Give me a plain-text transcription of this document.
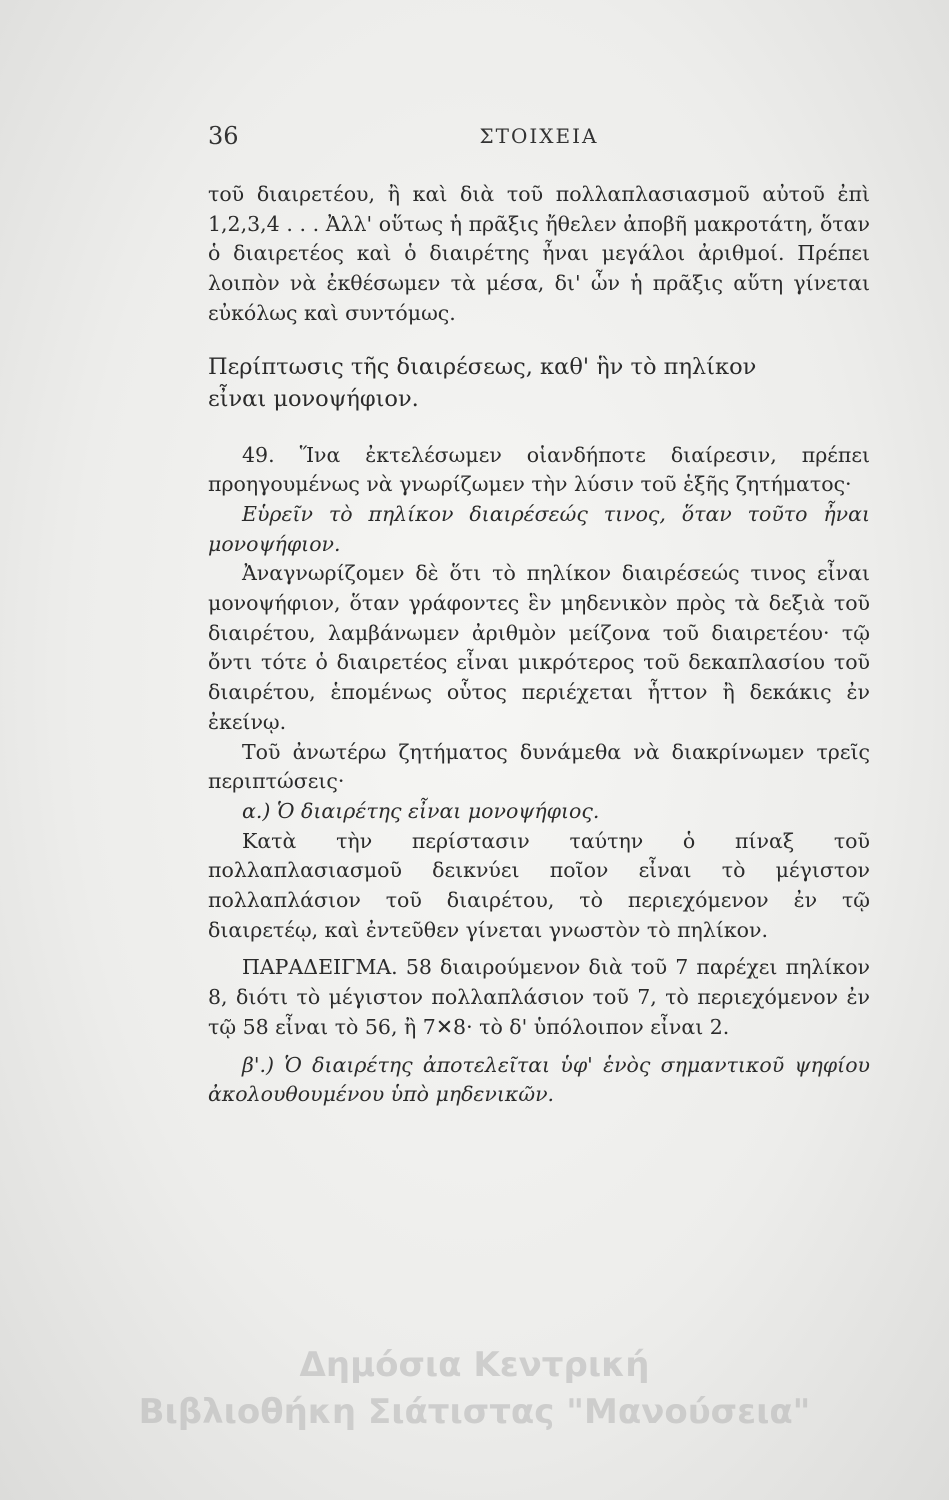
36	ΣΤΟΙΧΕΙΑ

τοῦ διαιρετέου, ἢ καὶ διὰ τοῦ πολλαπλασιασμοῦ αὐτοῦ ἐπὶ 1,2,3,4 . . . Ἀλλ' οὕτως ἡ πρᾶξις ἤθελεν ἀποβῆ μακροτάτη, ὅταν ὁ διαιρετέος καὶ ὁ διαιρέτης ἦναι μεγάλοι ἀριθμοί. Πρέπει λοιπὸν νὰ ἐκθέσωμεν τὰ μέσα, δι' ὧν ἡ πρᾶξις αὕτη γίνεται εὐκόλως καὶ συντόμως.

Περίπτωσις τῆς διαιρέσεως, καθ' ἣν τὸ πηλίκον
εἶναι μονοψήφιον.

49. Ἵνα ἐκτελέσωμεν οἱανδήποτε διαίρεσιν, πρέπει προηγουμένως νὰ γνωρίζωμεν τὴν λύσιν τοῦ ἑξῆς ζητήματος·

Εὑρεῖν τὸ πηλίκον διαιρέσεώς τινος, ὅταν τοῦτο ἦναι μονοψήφιον.

Ἀναγνωρίζομεν δὲ ὅτι τὸ πηλίκον διαιρέσεώς τινος εἶναι μονοψήφιον, ὅταν γράφοντες ἓν μηδενικὸν πρὸς τὰ δεξιὰ τοῦ διαιρέτου, λαμβάνωμεν ἀριθμὸν μείζονα τοῦ διαιρετέου· τῷ ὄντι τότε ὁ διαιρετέος εἶναι μικρότερος τοῦ δεκαπλασίου τοῦ διαιρέτου, ἑπομένως οὗτος περιέχεται ἧττον ἢ δεκάκις ἐν ἐκείνῳ.

Τοῦ ἀνωτέρω ζητήματος δυνάμεθα νὰ διακρίνωμεν τρεῖς περιπτώσεις·

α.) Ὁ διαιρέτης εἶναι μονοψήφιος.

Κατὰ τὴν περίστασιν ταύτην ὁ πίναξ τοῦ πολλαπλασιασμοῦ δεικνύει ποῖον εἶναι τὸ μέγιστον πολλαπλάσιον τοῦ διαιρέτου, τὸ περιεχόμενον ἐν τῷ διαιρετέῳ, καὶ ἐντεῦθεν γίνεται γνωστὸν τὸ πηλίκον.

ΠΑΡΑΔΕΙΓΜΑ. 58 διαιρούμενον διὰ τοῦ 7 παρέχει πηλίκον 8, διότι τὸ μέγιστον πολλαπλάσιον τοῦ 7, τὸ περιεχόμενον ἐν τῷ 58 εἶναι τὸ 56, ἢ 7✕8· τὸ δ' ὑπόλοιπον εἶναι 2.

β'.) Ὁ διαιρέτης ἀποτελεῖται ὑφ' ἑνὸς σημαντικοῦ ψηφίου ἀκολουθουμένου ὑπὸ μηδενικῶν.

Δημόσια Κεντρική
Βιβλιοθήκη Σιάτιστας "Μανούσεια"
